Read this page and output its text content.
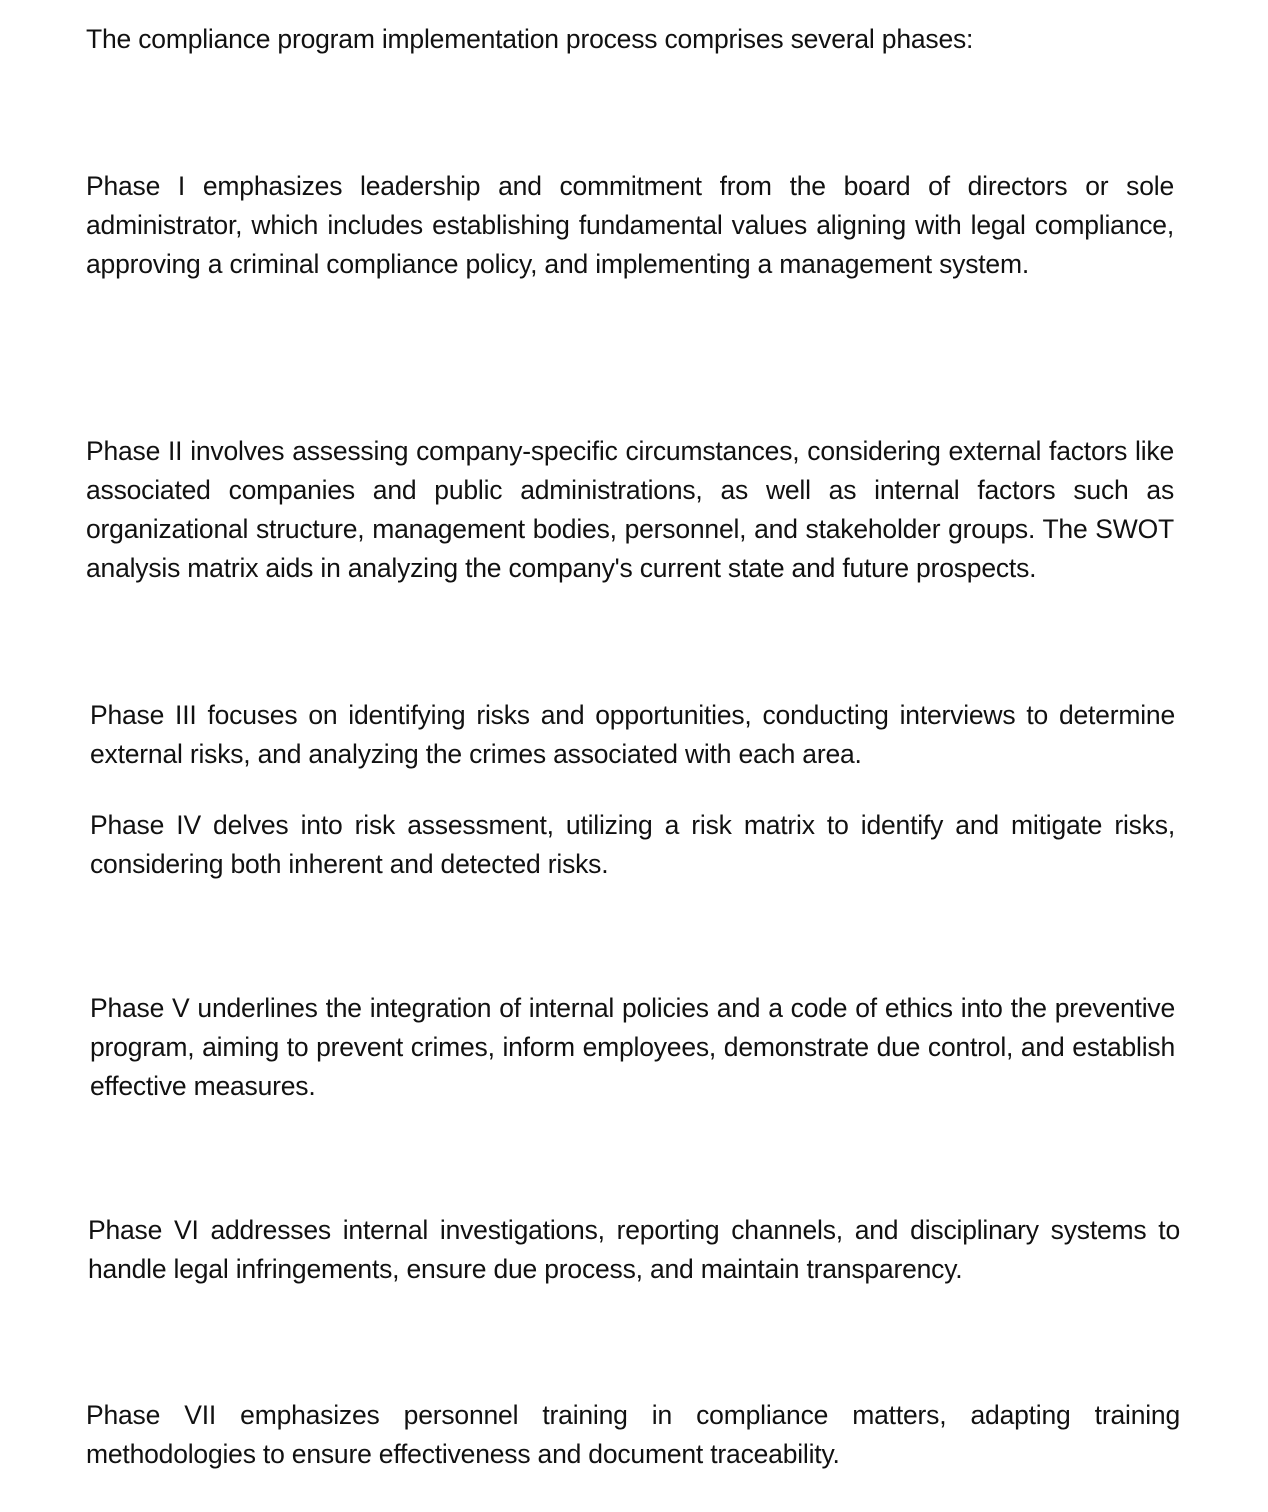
The compliance program implementation process comprises several phases:

Phase I emphasizes leadership and commitment from the board of directors or sole administrator, which includes establishing fundamental values aligning with legal compliance, approving a criminal compliance policy, and implementing a management system.

Phase II involves assessing company-specific circumstances, considering external factors like associated companies and public administrations, as well as internal factors such as organizational structure, management bodies, personnel, and stakeholder groups. The SWOT analysis matrix aids in analyzing the company's current state and future prospects.

Phase III focuses on identifying risks and opportunities, conducting interviews to determine external risks, and analyzing the crimes associated with each area.

Phase IV delves into risk assessment, utilizing a risk matrix to identify and mitigate risks, considering both inherent and detected risks.

Phase V underlines the integration of internal policies and a code of ethics into the preventive program, aiming to prevent crimes, inform employees, demonstrate due control, and establish effective measures.

Phase VI addresses internal investigations, reporting channels, and disciplinary systems to handle legal infringements, ensure due process, and maintain transparency.

Phase VII emphasizes personnel training in compliance matters, adapting training methodologies to ensure effectiveness and document traceability.
